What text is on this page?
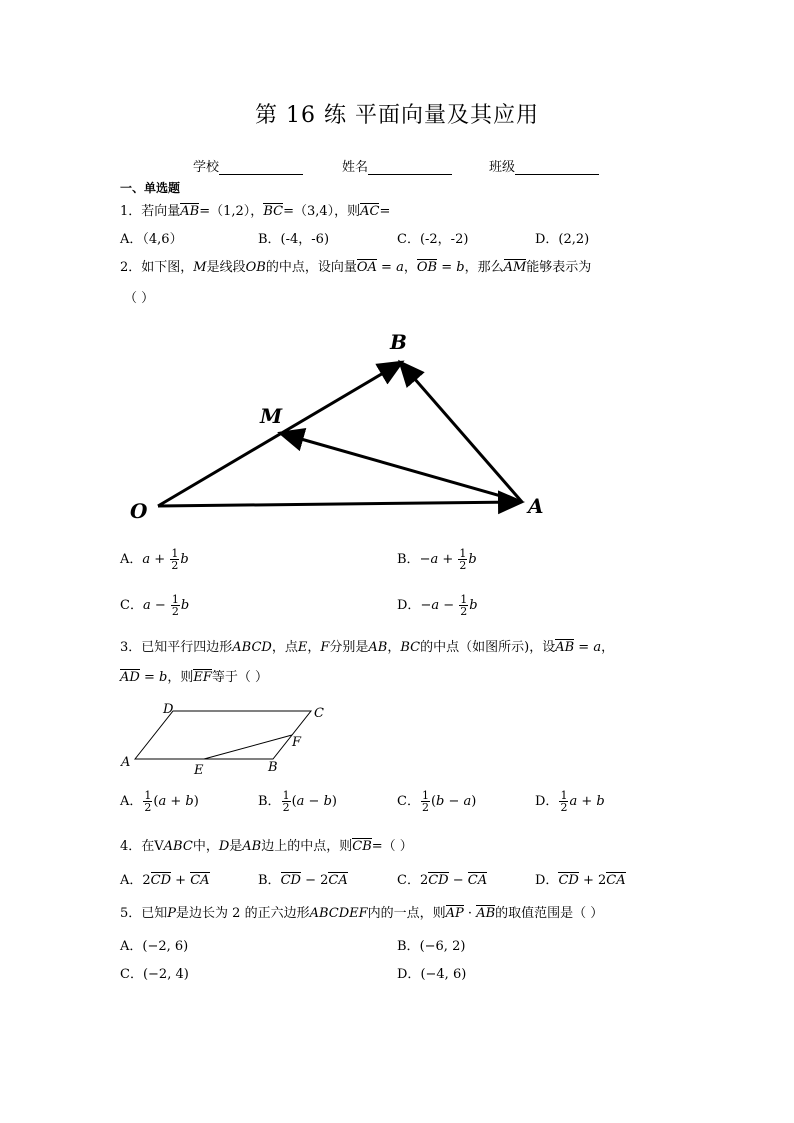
第 16 练 平面向量及其应用
学校	姓名	班级
一、单选题
1．若向量AB=（1,2），BC=（3,4），则AC=
A．（4,6）	B．(-4，-6)	C．(-2，-2)	D．(2,2)
2．如下图，M是线段OB的中点，设向量OA = a，OB = b，那么AM能够表示为
（ ）
B
M
O	A
A．$a + \frac{1}{2}$ b	B．$-a + \frac{1}{2}$ b
C．$a - \frac{1}{2}$ b	D．$-a - \frac{1}{2}$ b
3．已知平行四边形ABCD，点E，F分别是AB，BC的中点（如图所示)，设AB = a，
AD = b，则EF等于（ ）
D	C
F
A
E	B
A． $\frac{1}{2} (a + b)$	B． $\frac{1}{2} (a - b)$	C． $\frac{1}{2} (b - a)$	D． $\frac{1}{2}$ a + b
4．在VABC中，D是AB边上的中点，则CB=（ ）
A．2CD + CA	B．CD − 2CA	C．2CD − CA	D．CD + 2CA
5．已知P是边长为 2 的正六边形ABCDEF内的一点，则AP · AB的取值范围是（ ）
A．(−2, 6)	B．(−6, 2)
C．(−2, 4)	D．(−4, 6)
